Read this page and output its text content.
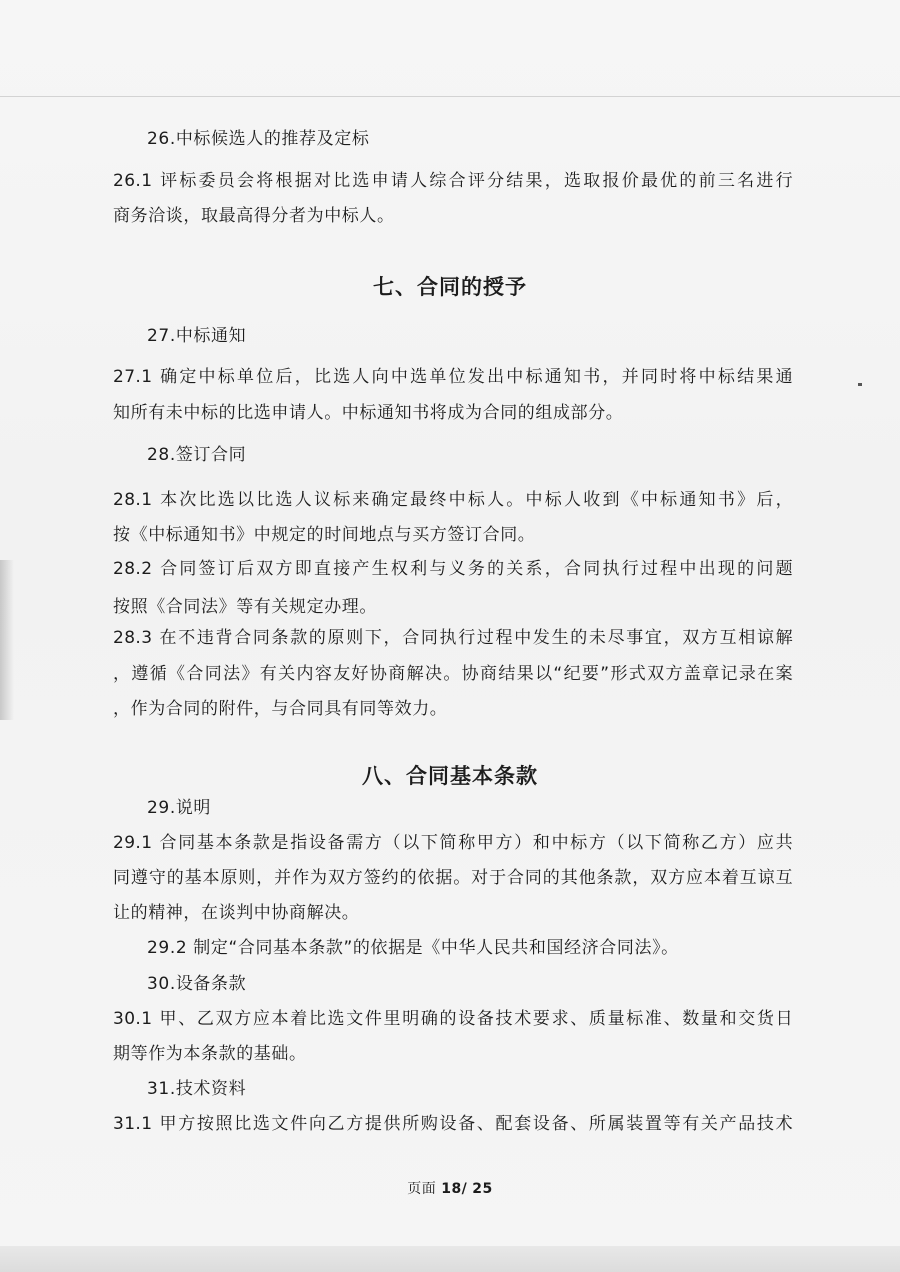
26.中标候选人的推荐及定标
26.1 评标委员会将根据对比选申请人综合评分结果，选取报价最优的前三名进行
商务洽谈，取最高得分者为中标人。
七、合同的授予
27.中标通知
27.1 确定中标单位后，比选人向中选单位发出中标通知书，并同时将中标结果通
知所有未中标的比选申请人。中标通知书将成为合同的组成部分。
28.签订合同
28.1 本次比选以比选人议标来确定最终中标人。中标人收到《中标通知书》后，
按《中标通知书》中规定的时间地点与买方签订合同。
28.2 合同签订后双方即直接产生权利与义务的关系，合同执行过程中出现的问题
按照《合同法》等有关规定办理。
28.3 在不违背合同条款的原则下，合同执行过程中发生的未尽事宜，双方互相谅解
，遵循《合同法》有关内容友好协商解决。协商结果以“纪要”形式双方盖章记录在案
，作为合同的附件，与合同具有同等效力。
八、合同基本条款
29.说明
29.1 合同基本条款是指设备需方（以下简称甲方）和中标方（以下简称乙方）应共
同遵守的基本原则，并作为双方签约的依据。对于合同的其他条款，双方应本着互谅互
让的精神，在谈判中协商解决。
29.2 制定“合同基本条款”的依据是《中华人民共和国经济合同法》。
30.设备条款
30.1 甲、乙双方应本着比选文件里明确的设备技术要求、质量标准、数量和交货日
期等作为本条款的基础。
31.技术资料
31.1 甲方按照比选文件向乙方提供所购设备、配套设备、所属装置等有关产品技术
页面 18/ 25
